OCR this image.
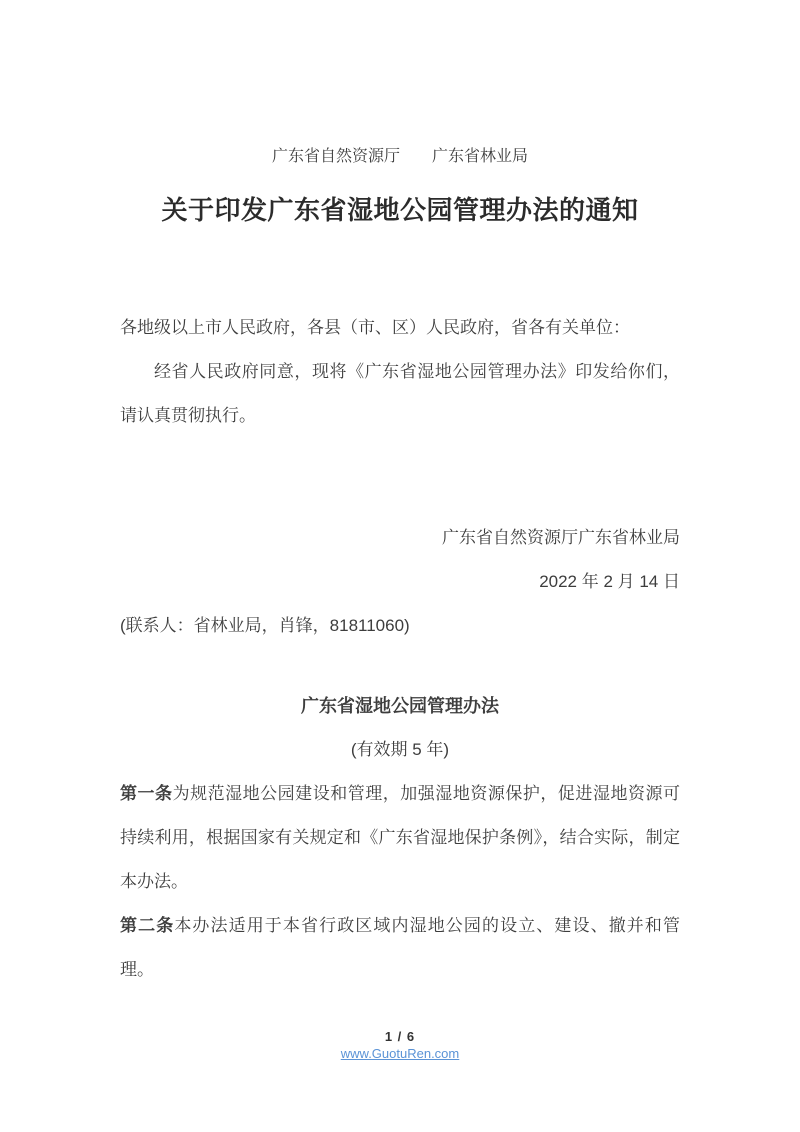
广东省自然资源厅　　广东省林业局
关于印发广东省湿地公园管理办法的通知

各地级以上市人民政府，各县（市、区）人民政府，省各有关单位：

经省人民政府同意，现将《广东省湿地公园管理办法》印发给你们，请认真贯彻执行。

广东省自然资源厅广东省林业局

2022 年 2 月 14 日

(联系人：省林业局，肖锋，81811060)

广东省湿地公园管理办法

(有效期 5 年)

第一条为规范湿地公园建设和管理，加强湿地资源保护，促进湿地资源可持续利用，根据国家有关规定和《广东省湿地保护条例》，结合实际，制定本办法。

第二条本办法适用于本省行政区域内湿地公园的设立、建设、撤并和管理。

1 / 6

www.GuotuRen.com
